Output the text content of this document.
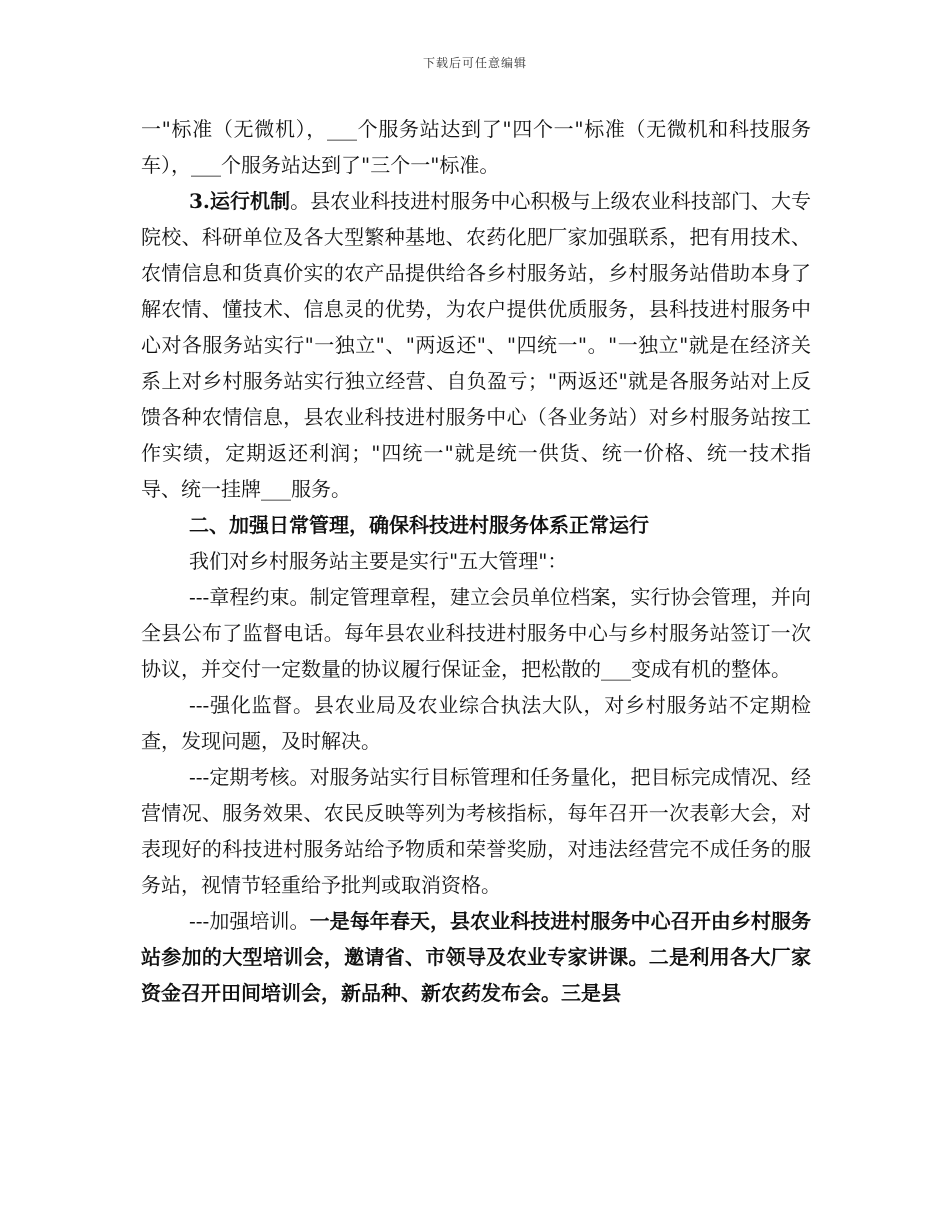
下载后可任意编辑

一"标准（无微机），___个服务站达到了"四个一"标准（无微机和科技服务车），___个服务站达到了"三个一"标准。

3.运行机制。县农业科技进村服务中心积极与上级农业科技部门、大专院校、科研单位及各大型繁种基地、农药化肥厂家加强联系，把有用技术、农情信息和货真价实的农产品提供给各乡村服务站，乡村服务站借助本身了解农情、懂技术、信息灵的优势，为农户提供优质服务，县科技进村服务中心对各服务站实行"一独立"、"两返还"、"四统一"。"一独立"就是在经济关系上对乡村服务站实行独立经营、自负盈亏；"两返还"就是各服务站对上反馈各种农情信息，县农业科技进村服务中心（各业务站）对乡村服务站按工作实绩，定期返还利润；"四统一"就是统一供货、统一价格、统一技术指导、统一挂牌___服务。

二、加强日常管理，确保科技进村服务体系正常运行

我们对乡村服务站主要是实行"五大管理"：

---章程约束。制定管理章程，建立会员单位档案，实行协会管理，并向全县公布了监督电话。每年县农业科技进村服务中心与乡村服务站签订一次协议，并交付一定数量的协议履行保证金，把松散的___变成有机的整体。

---强化监督。县农业局及农业综合执法大队，对乡村服务站不定期检查，发现问题，及时解决。

---定期考核。对服务站实行目标管理和任务量化，把目标完成情况、经营情况、服务效果、农民反映等列为考核指标，每年召开一次表彰大会，对表现好的科技进村服务站给予物质和荣誉奖励，对违法经营完不成任务的服务站，视情节轻重给予批判或取消资格。

---加强培训。一是每年春天，县农业科技进村服务中心召开由乡村服务站参加的大型培训会，邀请省、市领导及农业专家讲课。二是利用各大厂家资金召开田间培训会，新品种、新农药发布会。三是县
